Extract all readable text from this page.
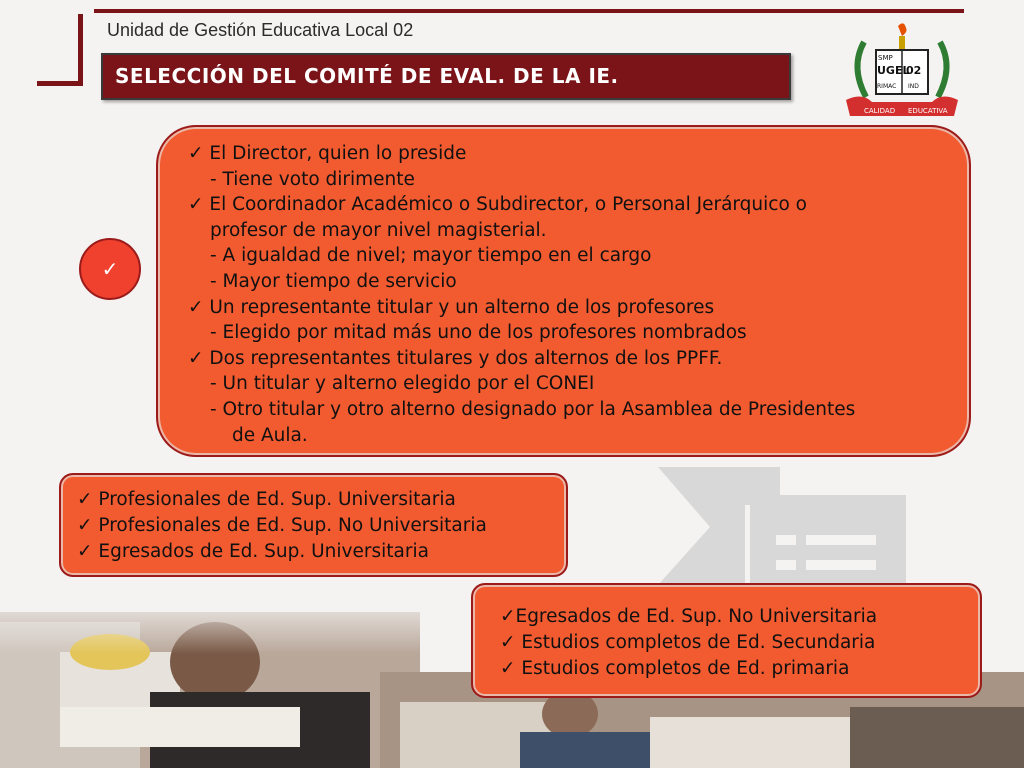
Unidad de Gestión Educativa Local 02
SELECCIÓN DEL COMITÉ DE EVAL. DE LA IE.
SMP
UGEL
02
RIMAC IND
CALIDAD EDUCATIVA
✓ El Director, quien lo preside
- Tiene voto dirimente
✓ El Coordinador Académico o Subdirector, o Personal Jerárquico o
profesor de mayor nivel magisterial.
- A igualdad de nivel; mayor tiempo en el cargo
- Mayor tiempo de servicio
✓ Un representante titular y un alterno de los profesores
- Elegido por mitad más uno de los profesores nombrados
✓ Dos representantes titulares y dos alternos de los PPFF.
- Un titular y alterno elegido por el CONEI
- Otro titular y otro alterno designado por la Asamblea de Presidentes
de Aula.
✓
✓ Profesionales de Ed. Sup. Universitaria
✓ Profesionales de Ed. Sup. No Universitaria
✓ Egresados de Ed. Sup. Universitaria
✓Egresados de Ed. Sup. No Universitaria
✓ Estudios completos de Ed. Secundaria
✓ Estudios completos de Ed. primaria
